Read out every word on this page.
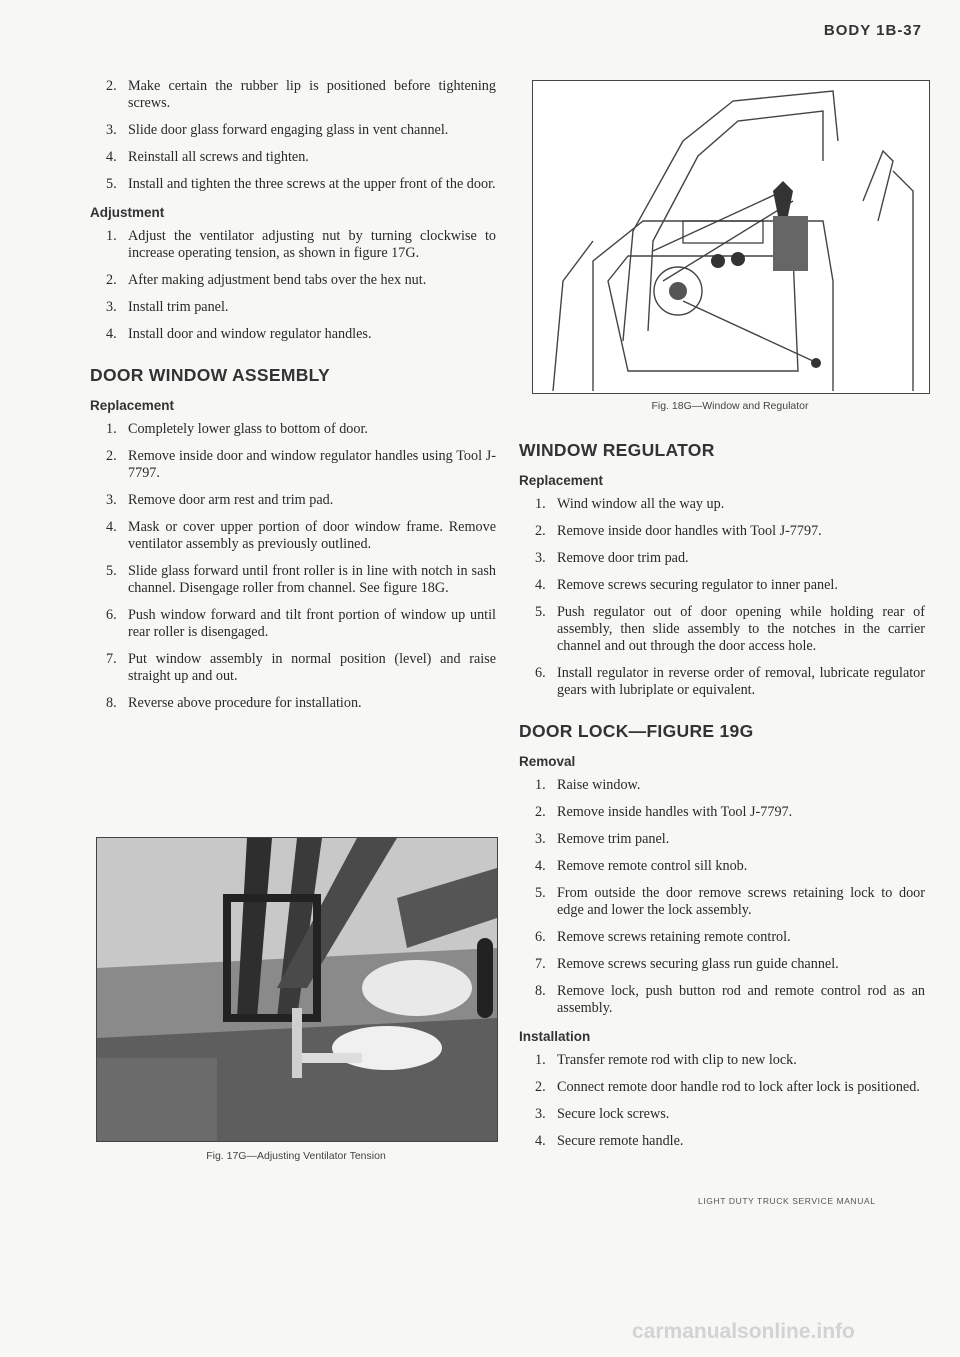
BODY 1B-37
2. Make certain the rubber lip is positioned before tightening screws.
3. Slide door glass forward engaging glass in vent channel.
4. Reinstall all screws and tighten.
5. Install and tighten the three screws at the upper front of the door.
Adjustment
1. Adjust the ventilator adjusting nut by turning clockwise to increase operating tension, as shown in figure 17G.
2. After making adjustment bend tabs over the hex nut.
3. Install trim panel.
4. Install door and window regulator handles.
DOOR WINDOW ASSEMBLY
Replacement
1. Completely lower glass to bottom of door.
2. Remove inside door and window regulator handles using Tool J-7797.
3. Remove door arm rest and trim pad.
4. Mask or cover upper portion of door window frame. Remove ventilator assembly as previously outlined.
5. Slide glass forward until front roller is in line with notch in sash channel. Disengage roller from channel. See figure 18G.
6. Push window forward and tilt front portion of window up until rear roller is disengaged.
7. Put window assembly in normal position (level) and raise straight up and out.
8. Reverse above procedure for installation.
Fig. 17G—Adjusting Ventilator Tension
Fig. 18G—Window and Regulator
WINDOW REGULATOR
Replacement
1. Wind window all the way up.
2. Remove inside door handles with Tool J-7797.
3. Remove door trim pad.
4. Remove screws securing regulator to inner panel.
5. Push regulator out of door opening while holding rear of assembly, then slide assembly to the notches in the carrier channel and out through the door access hole.
6. Install regulator in reverse order of removal, lubricate regulator gears with lubriplate or equivalent.
DOOR LOCK—FIGURE 19G
Removal
1. Raise window.
2. Remove inside handles with Tool J-7797.
3. Remove trim panel.
4. Remove remote control sill knob.
5. From outside the door remove screws retaining lock to door edge and lower the lock assembly.
6. Remove screws retaining remote control.
7. Remove screws securing glass run guide channel.
8. Remove lock, push button rod and remote control rod as an assembly.
Installation
1. Transfer remote rod with clip to new lock.
2. Connect remote door handle rod to lock after lock is positioned.
3. Secure lock screws.
4. Secure remote handle.
LIGHT DUTY TRUCK SERVICE MANUAL
carmanualsonline.info
